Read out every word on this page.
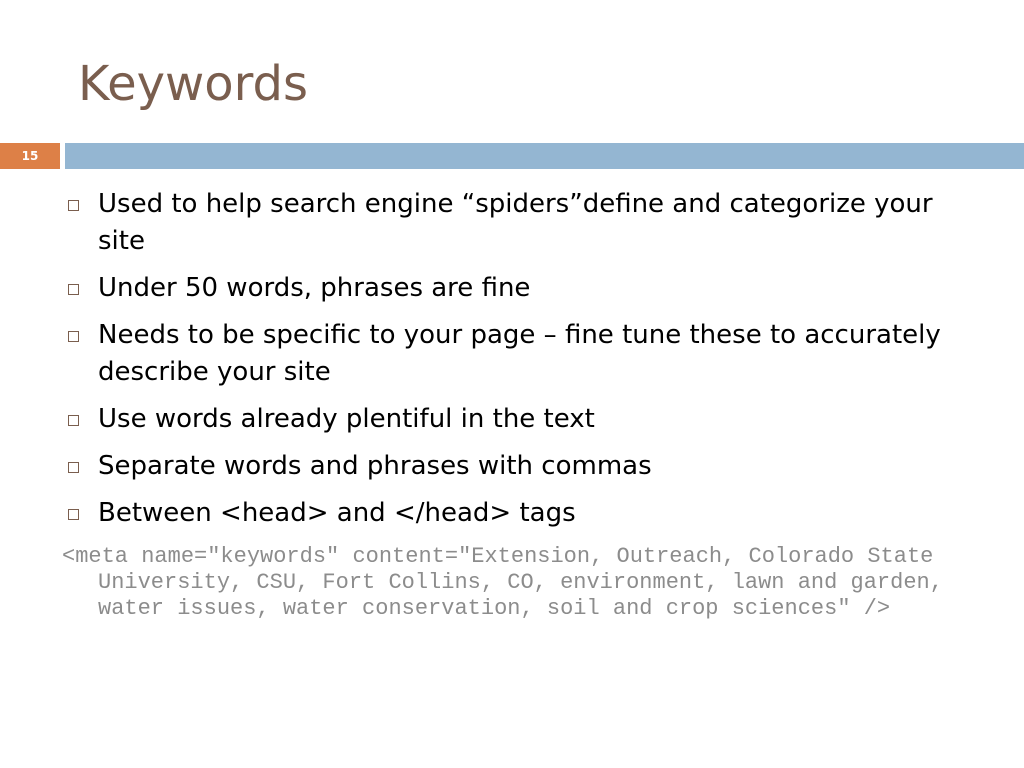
Keywords
15
Used to help search engine “spiders”define and categorize your site
Under 50 words, phrases are fine
Needs to be specific to your page – fine tune these to accurately describe your site
Use words already plentiful in the text
Separate words and phrases with commas
Between <head> and </head> tags

<meta name="keywords" content="Extension, Outreach, Colorado State University, CSU, Fort Collins, CO, environment, lawn and garden, water issues, water conservation, soil and crop sciences" />
